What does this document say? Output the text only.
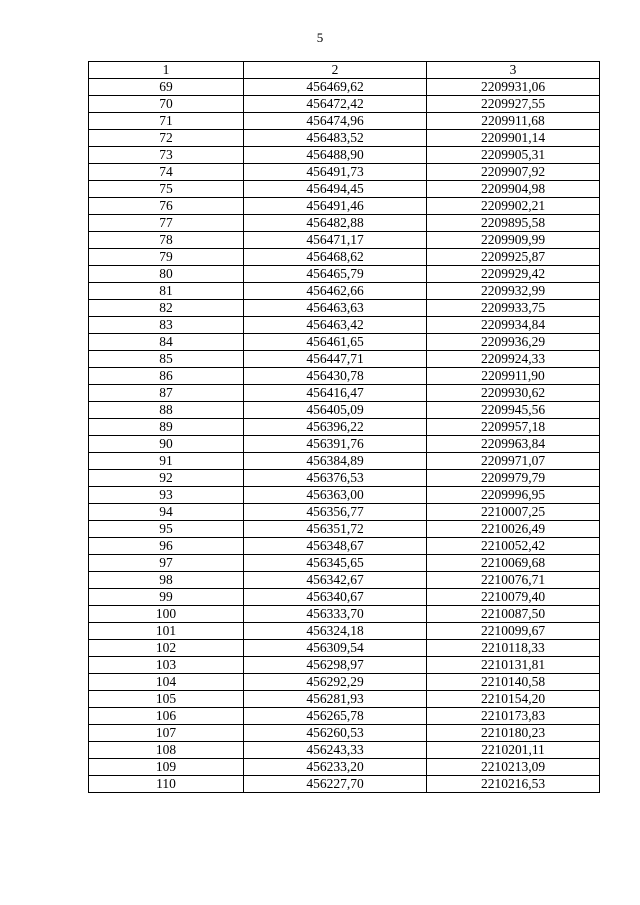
5
1	2	3
69	456469,62	2209931,06
70	456472,42	2209927,55
71	456474,96	2209911,68
72	456483,52	2209901,14
73	456488,90	2209905,31
74	456491,73	2209907,92
75	456494,45	2209904,98
76	456491,46	2209902,21
77	456482,88	2209895,58
78	456471,17	2209909,99
79	456468,62	2209925,87
80	456465,79	2209929,42
81	456462,66	2209932,99
82	456463,63	2209933,75
83	456463,42	2209934,84
84	456461,65	2209936,29
85	456447,71	2209924,33
86	456430,78	2209911,90
87	456416,47	2209930,62
88	456405,09	2209945,56
89	456396,22	2209957,18
90	456391,76	2209963,84
91	456384,89	2209971,07
92	456376,53	2209979,79
93	456363,00	2209996,95
94	456356,77	2210007,25
95	456351,72	2210026,49
96	456348,67	2210052,42
97	456345,65	2210069,68
98	456342,67	2210076,71
99	456340,67	2210079,40
100	456333,70	2210087,50
101	456324,18	2210099,67
102	456309,54	2210118,33
103	456298,97	2210131,81
104	456292,29	2210140,58
105	456281,93	2210154,20
106	456265,78	2210173,83
107	456260,53	2210180,23
108	456243,33	2210201,11
109	456233,20	2210213,09
110	456227,70	2210216,53
